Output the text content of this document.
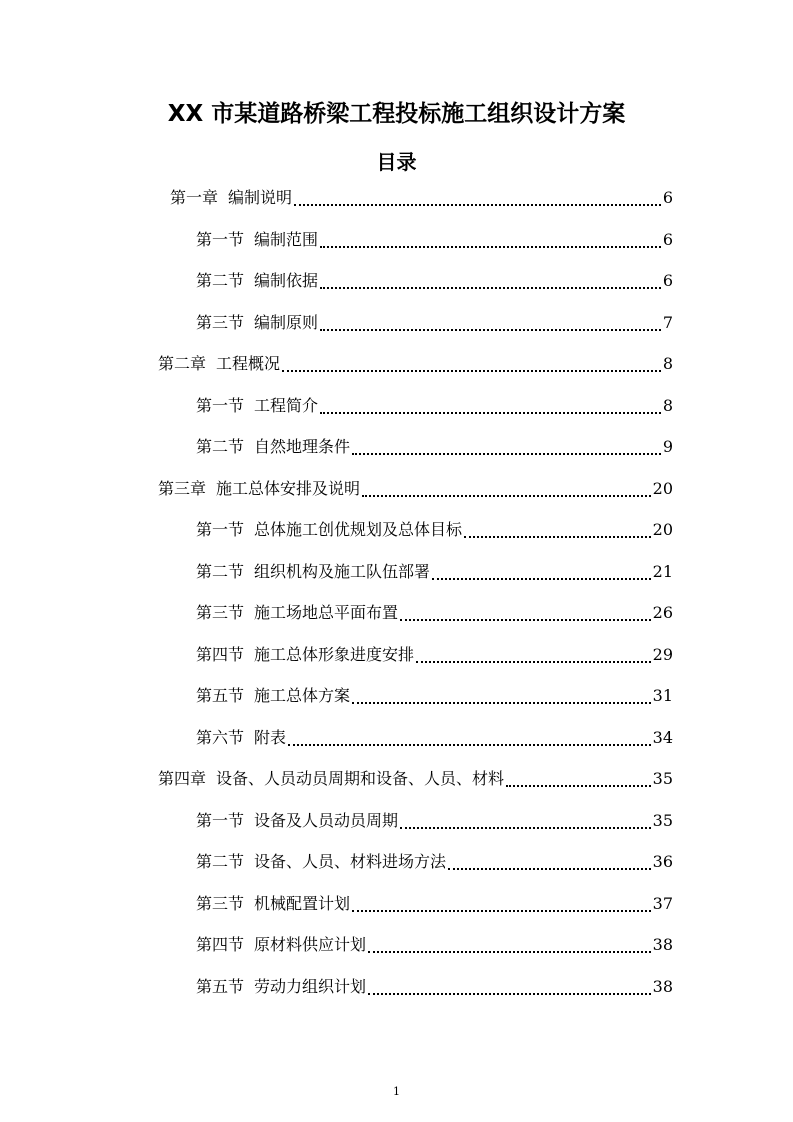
XX 市某道路桥梁工程投标施工组织设计方案
目录
第一章 编制说明	6
第一节 编制范围	6
第二节 编制依据	6
第三节 编制原则	7
第二章 工程概况	8
第一节 工程简介	8
第二节 自然地理条件	9
第三章 施工总体安排及说明	20
第一节 总体施工创优规划及总体目标	20
第二节 组织机构及施工队伍部署	21
第三节 施工场地总平面布置	26
第四节 施工总体形象进度安排	29
第五节 施工总体方案	31
第六节 附表	34
第四章 设备、人员动员周期和设备、人员、材料	35
第一节 设备及人员动员周期	35
第二节 设备、人员、材料进场方法	36
第三节 机械配置计划	37
第四节 原材料供应计划	38
第五节 劳动力组织计划	38
1
